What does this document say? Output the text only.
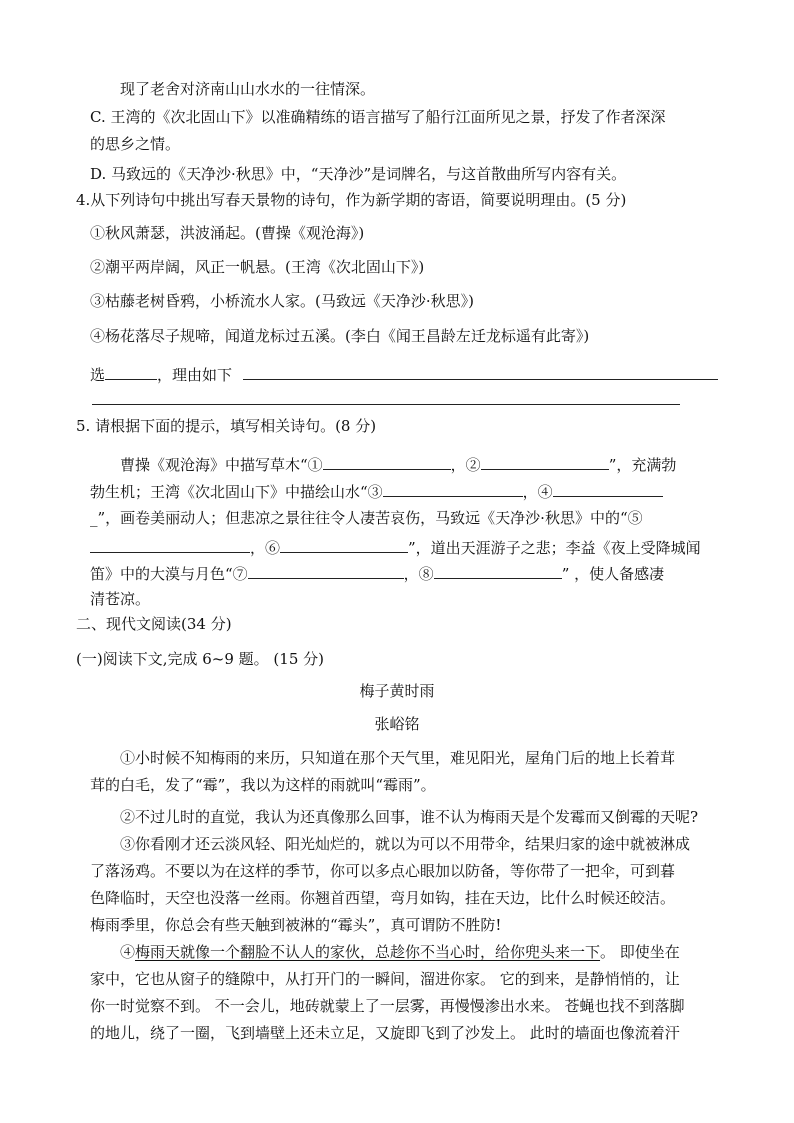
现了老舍对济南山山水水的一往情深。
C. 王湾的《次北固山下》以准确精练的语言描写了船行江面所见之景，抒发了作者深深
的思乡之情。
D. 马致远的《天净沙·秋思》中，“天净沙”是词牌名，与这首散曲所写内容有关。
4.从下列诗句中挑出写春天景物的诗句，作为新学期的寄语，简要说明理由。(5 分)
①秋风萧瑟，洪波涌起。(曹操《观沧海》)
②潮平两岸阔，风正一帆悬。(王湾《次北固山下》)
③枯藤老树昏鸦，小桥流水人家。(马致远《天净沙·秋思》)
④杨花落尽子规啼，闻道龙标过五溪。(李白《闻王昌龄左迁龙标遥有此寄》)
选	，理由如下
5. 请根据下面的提示，填写相关诗句。(8 分)
曹操《观沧海》中描写草木“①	，②	”，充满勃
勃生机；王湾《次北固山下》中描绘山水“③	，④
_”，画卷美丽动人；但悲凉之景往往令人凄苦哀伤，马致远《天净沙·秋思》中的“⑤
，⑥	”，道出天涯游子之悲；李益《夜上受降城闻
笛》中的大漠与月色“⑦	，⑧	” ，使人备感凄
清苍凉。
二、现代文阅读(34 分)
(一)阅读下文,完成 6~9 题。 (15 分)
梅子黄时雨
张峪铭
①小时候不知梅雨的来历，只知道在那个天气里，难见阳光，屋角门后的地上长着茸
茸的白毛，发了“霉”，我以为这样的雨就叫“霉雨”。
②不过儿时的直觉，我认为还真像那么回事，谁不认为梅雨天是个发霉而又倒霉的天呢?
③你看刚才还云淡风轻、阳光灿烂的，就以为可以不用带伞，结果归家的途中就被淋成
了落汤鸡。不要以为在这样的季节，你可以多点心眼加以防备，等你带了一把伞，可到暮
色降临时，天空也没落一丝雨。你翘首西望，弯月如钩，挂在天边，比什么时候还皎洁。
梅雨季里，你总会有些天触到被淋的“霉头”，真可谓防不胜防!
④梅雨天就像一个翻脸不认人的家伙，总趁你不当心时，给你兜头来一下。 即使坐在
家中，它也从窗子的缝隙中，从打开门的一瞬间，溜进你家。 它的到来，是静悄悄的，让
你一时觉察不到。 不一会儿，地砖就蒙上了一层雾，再慢慢渗出水来。 苍蝇也找不到落脚
的地儿，绕了一圈，飞到墙壁上还未立足，又旋即飞到了沙发上。 此时的墙面也像流着汗
